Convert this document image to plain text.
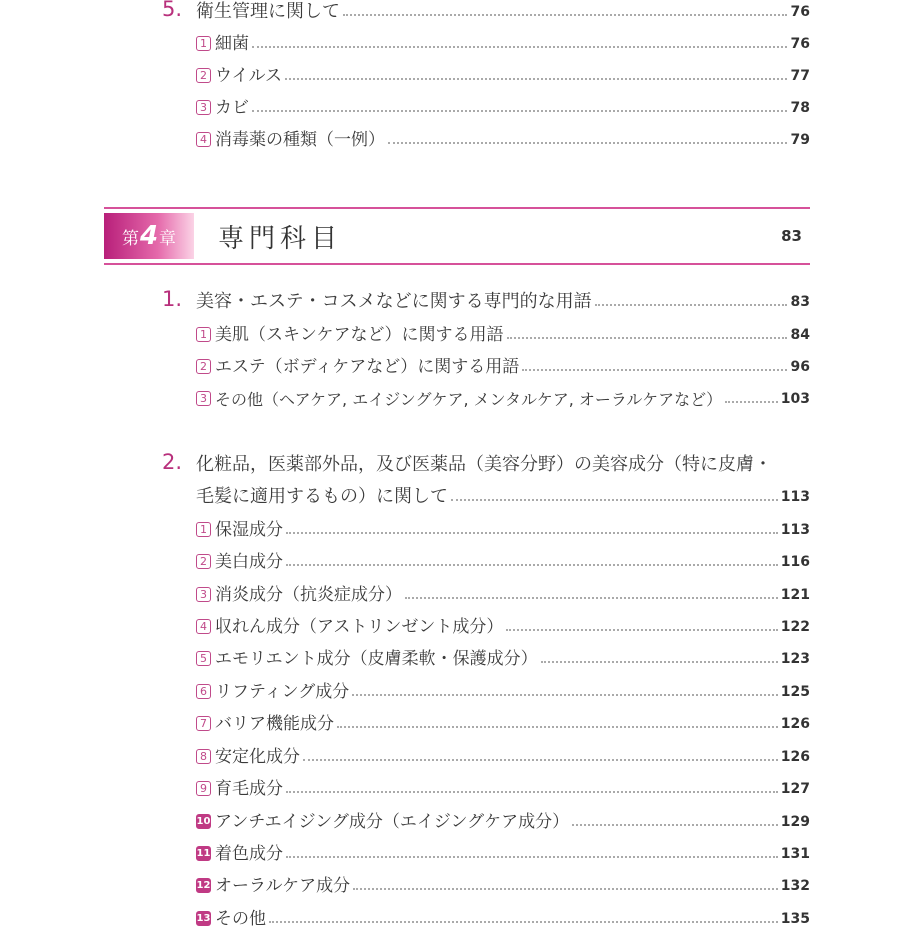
5. 衛生管理に関して	76
1 細菌	76
2 ウイルス	77
3 カビ	78
4 消毒薬の種類（一例）	79
第 4 章 専門科目	83
1. 美容・エステ・コスメなどに関する専門的な用語	83
1 美肌（スキンケアなど）に関する用語	84
2 エステ（ボディケアなど）に関する用語	96
3 その他（ヘアケア, エイジングケア, メンタルケア, オーラルケアなど）	103
2. 化粧品，医薬部外品，及び医薬品（美容分野）の美容成分（特に皮膚・
毛髪に適用するもの）に関して	113
1 保湿成分	113
2 美白成分	116
3 消炎成分（抗炎症成分）	121
4 収れん成分（アストリンゼント成分）	122
5 エモリエント成分（皮膚柔軟・保護成分）	123
6 リフティング成分	125
7 バリア機能成分	126
8 安定化成分	126
9 育毛成分	127
10 アンチエイジング成分（エイジングケア成分）	129
11 着色成分	131
12 オーラルケア成分	132
13 その他	135
